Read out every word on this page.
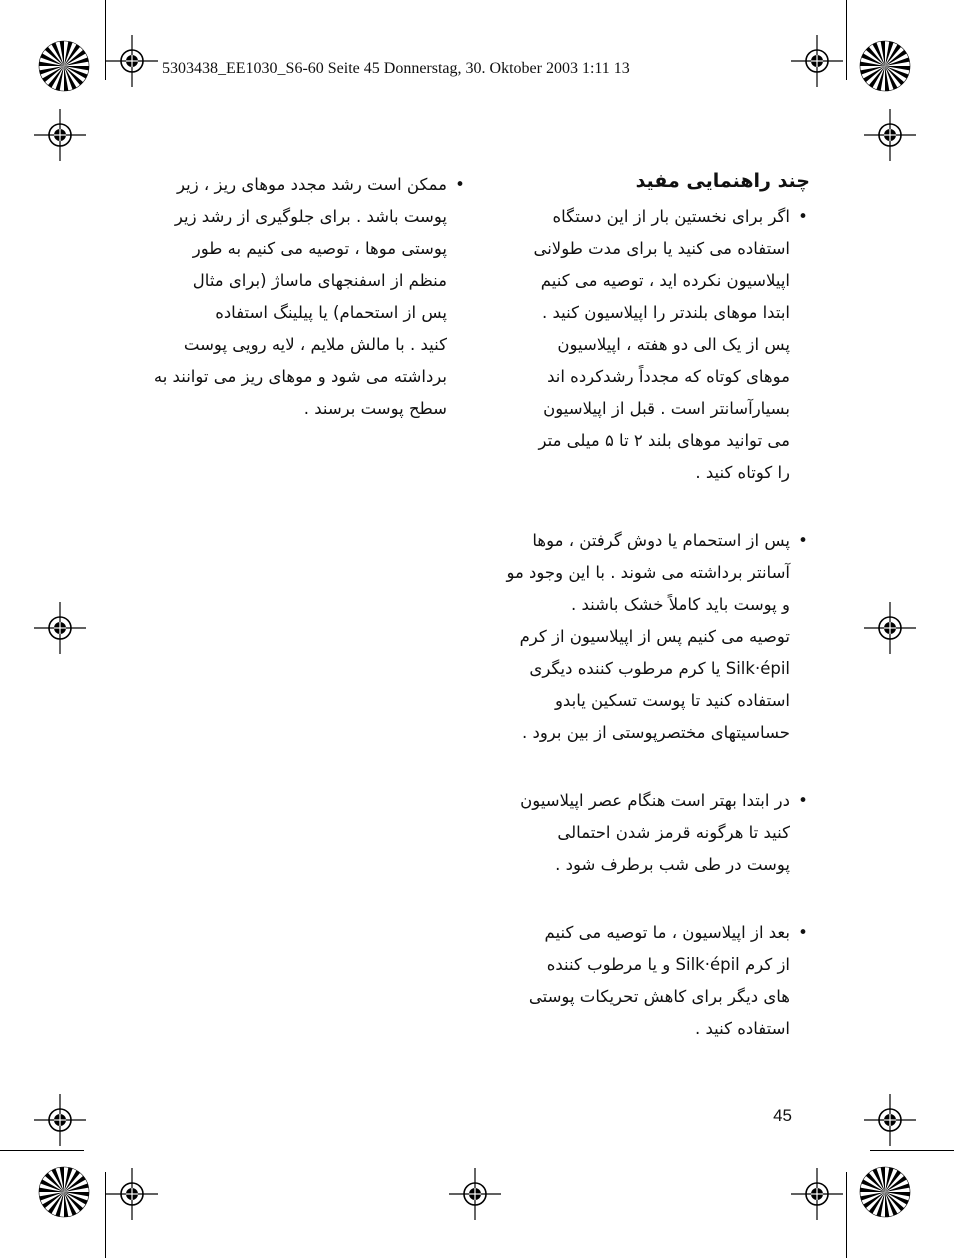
5303438_EE1030_S6-60 Seite 45 Donnerstag, 30. Oktober 2003 1:11 13
چند راهنمایی مفید
•
اگر برای نخستین بار از این دستگاه
استفاده می کنید یا برای مدت طولانی
اپیلاسیون نکرده اید ، توصیه می کنیم
ابتدا موهای بلندتر را اپیلاسیون کنید .
پس از یک الی دو هفته ، اپیلاسیون
موهای کوتاه که مجدداً رشدکرده اند
بسیارآسانتر است . قبل از اپیلاسیون
می توانید موهای بلند ۲ تا ۵ میلی متر
را کوتاه کنید .
•
پس از استحمام یا دوش گرفتن ، موها
آسانتر برداشته می شوند . با این وجود مو
و پوست باید کاملاً خشک باشند .
توصیه می کنیم پس از اپیلاسیون از کرم
Silk·épil یا کرم مرطوب کننده دیگری
استفاده کنید تا پوست تسکین یابدو
حساسیتهای مختصرپوستی از بین برود .
•
در ابتدا بهتر است هنگام عصر اپیلاسیون
کنید تا هرگونه قرمز شدن احتمالی
پوست در طی شب برطرف شود .
•
بعد از اپیلاسیون ، ما توصیه می کنیم
از کرم Silk·épil و یا مرطوب کننده
های دیگر برای کاهش تحریکات پوستی
استفاده کنید .
•
ممکن است رشد مجدد موهای ریز ، زیر
پوست باشد . برای جلوگیری از رشد زیر
پوستی موها ، توصیه می کنیم به طور
منظم از اسفنجهای ماساژ (برای مثال
پس از استحمام) یا پیلینگ استفاده
کنید . با مالش ملایم ، لایه رویی پوست
برداشته می شود و موهای ریز می توانند به
سطح پوست برسند .
45
